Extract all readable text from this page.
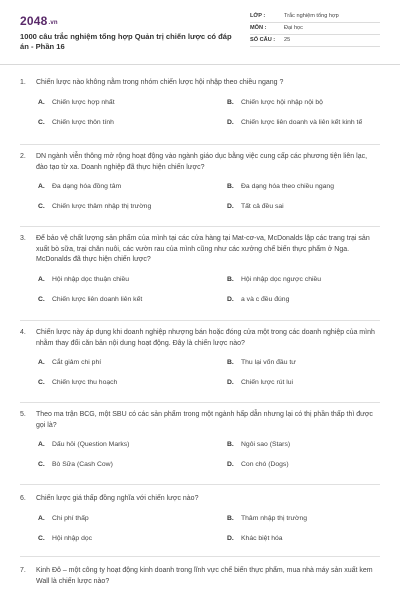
2048.vn
1000 câu trắc nghiệm tổng hợp Quản trị chiến lược có đáp án - Phần 16
LỚP :	Trắc nghiệm tổng hợp
MÔN :	Đại học
SỐ CÂU :	25
1.	Chiến lược nào không nằm trong nhóm chiến lược hội nhập theo chiều ngang ?
A. Chiến lược hợp nhất	B. Chiến lược hội nhập nội bộ
C. Chiến lược thôn tính	D. Chiến lược liên doanh và liên kết kinh tế
2.	DN ngành viễn thông mở rộng hoạt động vào ngành giáo dục bằng việc cung cấp các phương tiện liên lạc, đào tạo từ xa. Doanh nghiệp đã thực hiện chiến lược?
A. Đa dạng hóa đồng tâm	B. Đa dạng hóa theo chiều ngang
C. Chiến lược thâm nhập thị trường	D. Tất cả đều sai
3.	Để bảo vệ chất lượng sản phẩm của mình tại các cửa hàng tại Mat-cơ-va, McDonalds lập các trang trại sản xuất bò sữa, trại chăn nuôi, các vườn rau của mình cũng như các xưởng chế biến thực phẩm ở Nga. McDonalds đã thực hiện chiến lược?
A. Hội nhập dọc thuận chiều	B. Hội nhập dọc ngược chiều
C. Chiến lược liên doanh liên kết	D. a và c đều đúng
4.	Chiến lược này áp dụng khi doanh nghiệp nhượng bán hoặc đóng cửa một trong các doanh nghiệp của mình nhằm thay đổi căn bản nội dung hoạt động. Đây là chiến lược nào?
A. Cắt giảm chi phí	B. Thu lại vốn đầu tư
C. Chiến lược thu hoạch	D. Chiến lược rút lui
5.	Theo ma trận BCG, một SBU có các sản phẩm trong một ngành hấp dẫn nhưng lại có thị phần thấp thì được gọi là?
A. Dấu hỏi (Question Marks)	B. Ngôi sao (Stars)
C. Bò Sữa (Cash Cow)	D. Con chó (Dogs)
6.	Chiến lược giá thấp đồng nghĩa với chiến lược nào?
A. Chi phí thấp	B. Thâm nhập thị trường
C. Hội nhập dọc	D. Khác biệt hóa
7.	Kinh Đô – một công ty hoạt động kinh doanh trong lĩnh vực chế biến thực phẩm, mua nhà máy sản xuất kem Wall là chiến lược nào?
